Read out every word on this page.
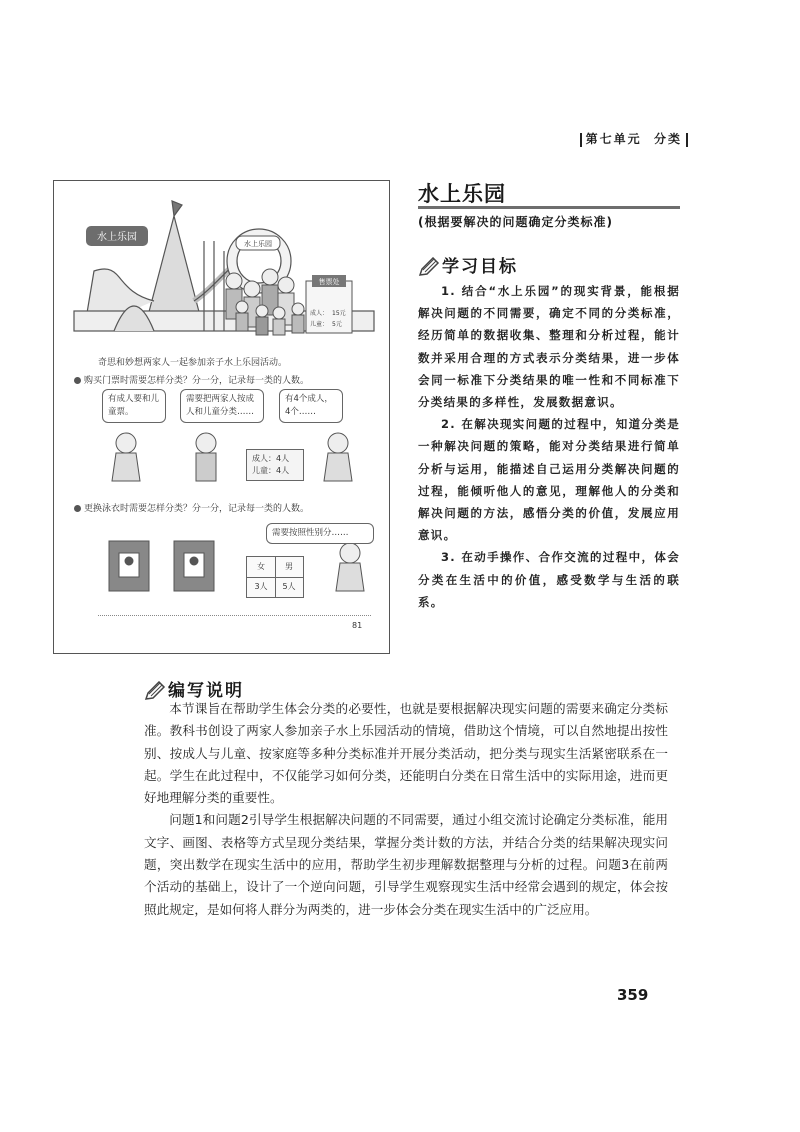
第七单元 分类
水上乐园
水上乐园
售票处
成人： 15元
儿童： 5元
奇思和妙想两家人一起参加亲子水上乐园活动。
购买门票时需要怎样分类？分一分，记录每一类的人数。
有成人要和儿童票。
需要把两家人按成人和儿童分类……
有4个成人，4个……
成人：4人
儿童：4人
更换泳衣时需要怎样分类？分一分，记录每一类的人数。
需要按照性别分……
女	男
3人	5人
81
水上乐园
(根据要解决的问题确定分类标准)
学习目标

1. 结合“水上乐园”的现实背景，能根据解决问题的不同需要，确定不同的分类标准，经历简单的数据收集、整理和分析过程，能计数并采用合理的方式表示分类结果，进一步体会同一标准下分类结果的唯一性和不同标准下分类结果的多样性，发展数据意识。

2. 在解决现实问题的过程中，知道分类是一种解决问题的策略，能对分类结果进行简单分析与运用，能描述自己运用分类解决问题的过程，能倾听他人的意见，理解他人的分类和解决问题的方法，感悟分类的价值，发展应用意识。

3. 在动手操作、合作交流的过程中，体会分类在生活中的价值，感受数学与生活的联系。

编写说明

本节课旨在帮助学生体会分类的必要性，也就是要根据解决现实问题的需要来确定分类标准。教科书创设了两家人参加亲子水上乐园活动的情境，借助这个情境，可以自然地提出按性别、按成人与儿童、按家庭等多种分类标准并开展分类活动，把分类与现实生活紧密联系在一起。学生在此过程中，不仅能学习如何分类，还能明白分类在日常生活中的实际用途，进而更好地理解分类的重要性。

问题1和问题2引导学生根据解决问题的不同需要，通过小组交流讨论确定分类标准，能用文字、画图、表格等方式呈现分类结果，掌握分类计数的方法，并结合分类的结果解决现实问题，突出数学在现实生活中的应用，帮助学生初步理解数据整理与分析的过程。问题3在前两个活动的基础上，设计了一个逆向问题，引导学生观察现实生活中经常会遇到的规定，体会按照此规定，是如何将人群分为两类的，进一步体会分类在现实生活中的广泛应用。

359
